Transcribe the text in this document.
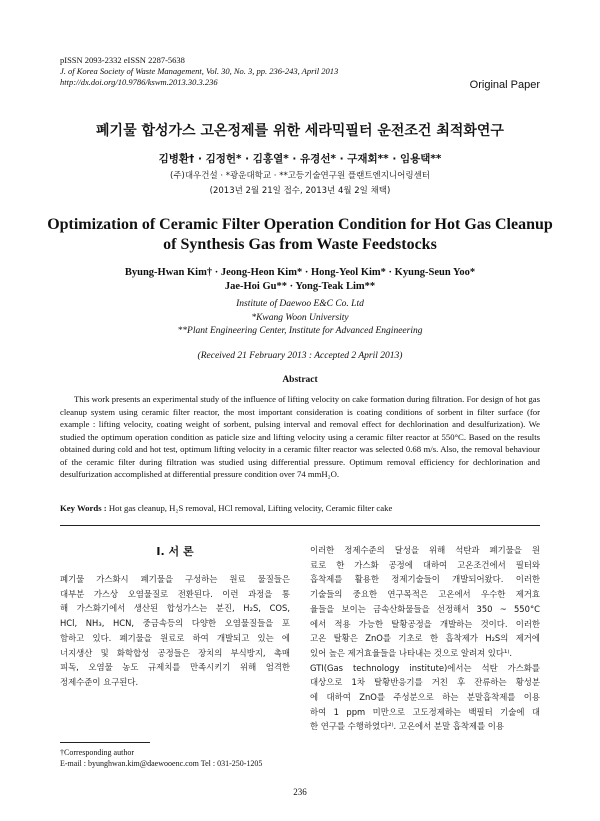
pISSN 2093-2332 eISSN 2287-5638
J. of Korea Society of Waste Management, Vol. 30, No. 3, pp. 236-243, April 2013
http://dx.doi.org/10.9786/kswm.2013.30.3.236	Original Paper
폐기물 합성가스 고온정제를 위한 세라믹필터 운전조건 최적화연구
김병환† · 김정헌* · 김홍열* · 유경선* · 구재회** · 임용택**
(주)대우건설 · *광운대학교 · **고등기술연구원 플랜트엔지니어링센터
(2013년 2월 21일 접수, 2013년 4월 2일 채택)
Optimization of Ceramic Filter Operation Condition for Hot Gas Cleanup
of Synthesis Gas from Waste Feedstocks
Byung-Hwan Kim† · Jeong-Heon Kim* · Hong-Yeol Kim* · Kyung-Seun Yoo*
Jae-Hoi Gu** · Yong-Teak Lim**
Institute of Daewoo E&C Co. Ltd
*Kwang Woon University
**Plant Engineering Center, Institute for Advanced Engineering
(Received 21 February 2013 : Accepted 2 April 2013)
Abstract

This work presents an experimental study of the influence of lifting velocity on cake formation during filtration. For design of hot gas cleanup system using ceramic filter reactor, the most important consideration is coating conditions of sorbent in filter surface (for example : lifting velocity, coating weight of sorbent, pulsing interval and removal effect for dechlorination and desulfurization). We studied the optimum operation condition as paticle size and lifting velocity using a ceramic filter reactor at 550°C. Based on the results obtained during cold and hot test, optimum lifting velocity in a ceramic filter reactor was selected 0.68 m/s. Also, the removal behaviour of the ceramic filter during filtration was studied using differential pressure. Optimum removal efficiency for dechlorination and desulfurization accomplished at differential pressure condition over 74 mmH₂O.

Key Words : Hot gas cleanup, H₂S removal, HCl removal, Lifting velocity, Ceramic filter cake
I. 서 론
폐기물 가스화시 폐기물을 구성하는 원료 물질들은
대부분 가스상 오염물질로 전환된다. 이런 과정을 통
해 가스화기에서 생산된 합성가스는 분진, H₂S, COS,
HCl, NH₃, HCN, 중금속등의 다양한 오염물질들을 포
함하고 있다. 폐기물을 원료로 하여 개발되고 있는 에
너지생산 및 화학합성 공정들은 장치의 부식방지, 촉매
피독, 오염물 농도 규제치를 만족시키기 위해 엄격한
정제수준이 요구된다.
이러한 정제수준의 달성을 위해 석탄과 폐기물을 원
료로 한 가스화 공정에 대하여 고온조건에서 필터와
흡착제를 활용한 정제기술들이 개발되어왔다. 이러한
기술들의 중요한 연구목적은 고온에서 우수한 제거효
율들을 보이는 금속산화물들을 선정해서 350 ~ 550°C
에서 적용 가능한 탈황공정을 개발하는 것이다. 이러한
고온 탈황은 ZnO를 기초로 한 흡착제가 H₂S의 제거에
있어 높은 제거효율들을 나타내는 것으로 알려져 있다¹⁾.
GTI(Gas technology institute)에서는 석탄 가스화를
대상으로 1차 탈황반응기를 거친 후 잔류하는 황성분
에 대하여 ZnO를 주성분으로 하는 분말흡착제를 이용
하여 1 ppm 미만으로 고도정제하는 백필터 기술에 대
한 연구를 수행하였다²⁾. 고온에서 분말 흡착제를 이용
†Corresponding author
E-mail : byunghwan.kim@daewooenc.com Tel : 031-250-1205
236
